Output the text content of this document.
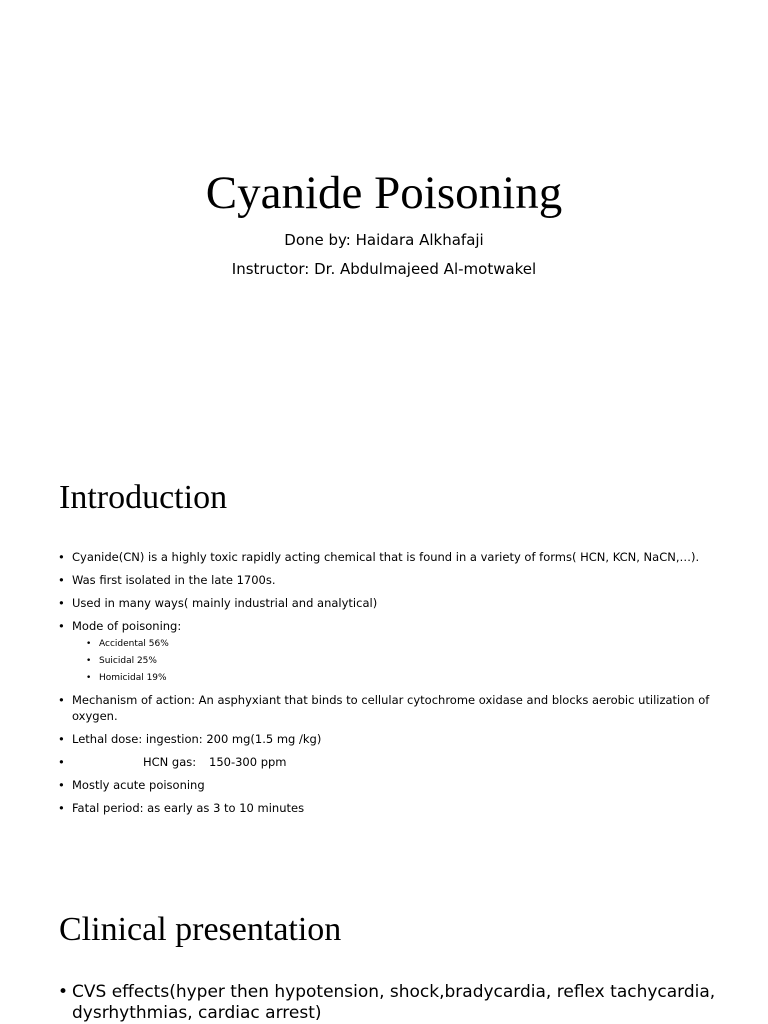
Cyanide Poisoning

Done by: Haidara Alkhafaji

Instructor: Dr. Abdulmajeed Al-motwakel

Introduction
• Cyanide(CN) is a highly toxic rapidly acting chemical that is found in a variety of forms( HCN, KCN, NaCN,…).
• Was first isolated in the late 1700s.
• Used in many ways( mainly industrial and analytical)
• Mode of poisoning:
• Accidental 56%
• Suicidal 25%
• Homicidal 19%
• Mechanism of action: An asphyxiant that binds to cellular cytochrome oxidase and blocks aerobic utilization of oxygen.
• Lethal dose: ingestion: 200 mg(1.5 mg /kg)
• HCN gas: 150-300 ppm
• Mostly acute poisoning
• Fatal period: as early as 3 to 10 minutes
Clinical presentation
• CVS effects(hyper then hypotension, shock,bradycardia, reflex tachycardia, dysrhythmias, cardiac arrest)
